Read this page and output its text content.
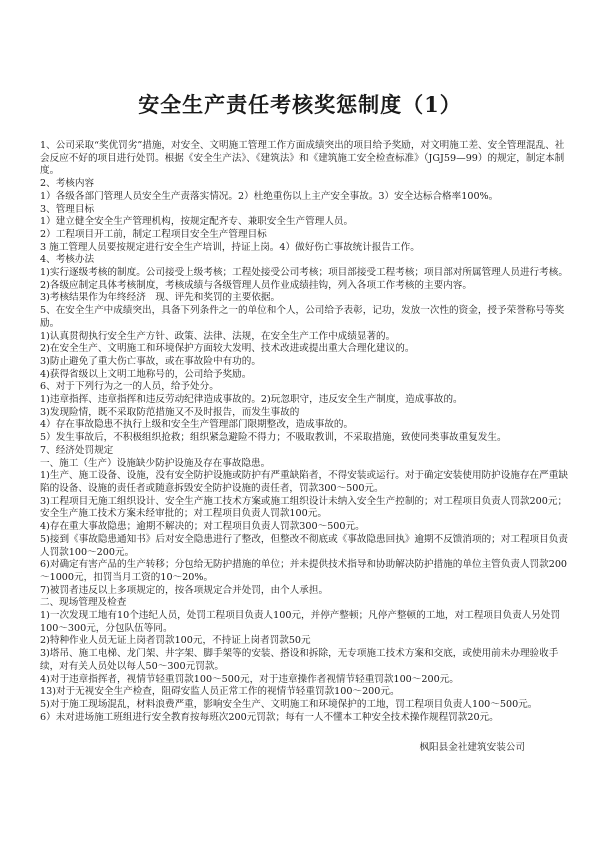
安全生产责任考核奖惩制度（1）

1、公司采取“奖优罚劣”措施，对安全、文明施工管理工作方面成绩突出的项目给予奖励，对文明施工差、安全管理混乱、社会反应不好的项目进行处罚。根据《安全生产法》、《建筑法》和《建筑施工安全检查标准》（JGJ59—99）的规定，制定本制度。

2、考核内容

1）各级各部门管理人员安全生产责落实情况。2）杜绝重伤以上主产安全事故。3）安全达标合格率100%。

3、管理目标

1）建立健全安全生产管理机构，按规定配齐专、兼职安全生产管理人员。

2）工程项目开工前，制定工程项目安全生产管理目标

3 施工管理人员要按规定进行安全生产培训，持证上岗。4）做好伤亡事故统计报告工作。

4、考核办法

1)实行逐级考核的制度。公司接受上级考核；工程处接受公司考核；项目部接受工程考核；项目部对所属管理人员进行考核。

2)各级应制定具体考核制度，考核成绩与各级管理人员作业成绩挂钩，列入各项工作考核的主要内容。

3)考核结果作为年终经济　现、评先和奖罚的主要依据。

5、在安全生产中成绩突出，具备下列条件之一的单位和个人，公司给予表彰，记功，发放一次性的资金，授予荣誉称号等奖励。

1)认真贯彻执行安全生产方针、政策、法律、法规，在安全生产工作中成绩显著的。

2)在安全生产、文明施工和环境保护方面较大发明、技术改进或提出重大合理化建议的。

3)防止避免了重大伤亡事故，或在事故险中有功的。

4)获得省级以上文明工地称号的，公司给予奖励。

6、对于下列行为之一的人员，给予处分。

1)违章指挥、违章指挥和违反劳动纪律造成事故的。2)玩忽职守，违反安全生产制度，造成事故的。

3)发现险情，既不采取防范措施又不及时报告，而发生事故的

4）存在事故隐患不执行上级和安全生产管理部门限期整改，造成事故的。

5）发生事故后，不积极组织抢救；组织紧急避险不得力；不吸取教训，不采取措施，致使同类事故重复发生。

7、经济处罚规定

一、施工（生产）设施缺少防护设施及存在事故隐患。

1)生产、施工设备、设施，没有安全防护设施或防护有严重缺陷者，不得安装或运行。对于确定安装使用防护设施存在严重缺陷的设备、设施的责任者或随意拆毁安全防护设施的责任者，罚款300～500元。

3)工程项目无施工组织设计、安全生产施工技术方案或施工组织设计未纳入安全生产控制的；对工程项目负责人罚款200元；安全生产施工技术方案未经审批的；对工程项目负责人罚款100元。

4)存在重大事故隐患；逾期不解决的；对工程项目负责人罚款300～500元。

5)接到《事故隐患通知书》后对安全隐患进行了整改，但整改不彻底或《事故隐患回执》逾期不反馈消项的；对工程项目负责人罚款100～200元。

6)对确定有害产品的生产转移；分包给无防护措施的单位；并未提供技术指导和协助解决防护措施的单位主管负责人罚款200～1000元，扣罚当月工资的10～20%。

7)被罚者违反以上多项规定的，按各项规定合并处罚，由个人承担。

二、现场管理及检查

1)一次发现工地有10个违纪人员，处罚工程项目负责人100元，并停产整顿；凡停产整顿的工地，对工程项目负责人另处罚100～300元，分包队伍等同。

2)特种作业人员无证上岗者罚款100元，不持证上岗者罚款50元

3)塔吊、施工电梯、龙门架、井字架、脚手架等的安装、搭设和拆除，无专项施工技术方案和交底，或使用前未办理验收手续，对有关人员处以每人50～300元罚款。

4)对于违章指挥者，视情节轻重罚款100～500元，对于违章操作者视情节轻重罚款100～200元。

13)对于无视安全生产检查，阻碍安监人员正常工作的视情节轻重罚款100～200元。

5)对于施工现场混乱，材料浪费严重，影响安全生产、文明施工和环境保护的工地，罚工程项目负责人100～500元。

6）未对进场施工班组进行安全教育按每班次200元罚款；每有一人不懂本工种安全技术操作规程罚款20元。

枫阳县金社建筑安装公司
